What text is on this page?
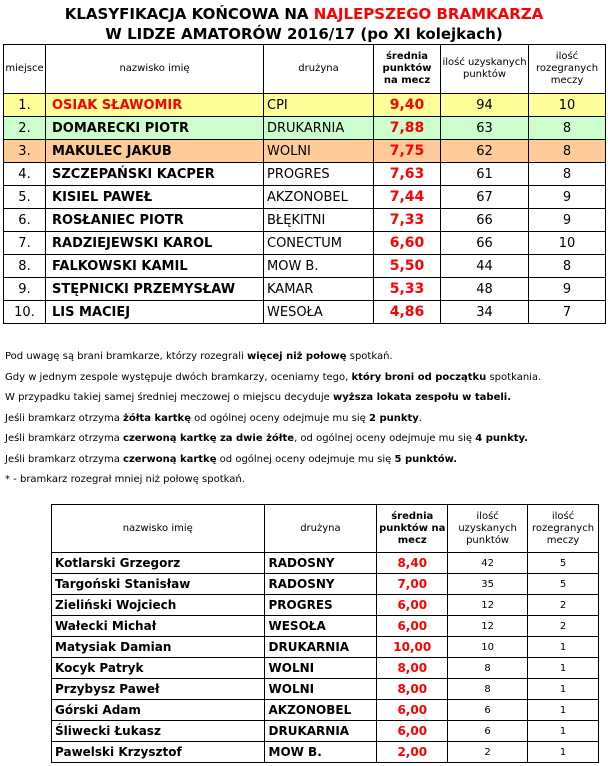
KLASYFIKACJA KOŃCOWA NA NAJLEPSZEGO BRAMKARZA
W LIDZE AMATORÓW 2016/17 (po XI kolejkach)
miejsce	nazwisko imię	drużyna	średnia punktów na mecz	ilość uzyskanych punktów	ilość rozegranych meczy
1.	OSIAK SŁAWOMIR	CPI	9,40	94	10
2.	DOMARECKI PIOTR	DRUKARNIA	7,88	63	8
3.	MAKULEC JAKUB	WOLNI	7,75	62	8
4.	SZCZEPAŃSKI KACPER	PROGRES	7,63	61	8
5.	KISIEL PAWEŁ	AKZONOBEL	7,44	67	9
6.	ROSŁANIEC PIOTR	BŁĘKITNI	7,33	66	9
7.	RADZIEJEWSKI KAROL	CONECTUM	6,60	66	10
8.	FALKOWSKI KAMIL	MOW B.	5,50	44	8
9.	STĘPNICKI PRZEMYSŁAW	KAMAR	5,33	48	9
10.	LIS MACIEJ	WESOŁA	4,86	34	7

Pod uwagę są brani bramkarze, którzy rozegrali więcej niż połowę spotkań.

Gdy w jednym zespole występuje dwóch bramkarzy, oceniamy tego, który broni od początku spotkania.

W przypadku takiej samej średniej meczowej o miejscu decyduje wyższa lokata zespołu w tabeli.

Jeśli bramkarz otrzyma żółta kartkę od ogólnej oceny odejmuje mu się 2 punkty.

Jeśli bramkarz otrzyma czerwoną kartkę za dwie żółte, od ogólnej oceny odejmuje mu się 4 punkty.

Jeśli bramkarz otrzyma czerwoną kartkę od ogólnej oceny odejmuje mu się 5 punktów.

* - bramkarz rozegrał mniej niż połowę spotkań.

nazwisko imię	drużyna	średnia punktów na mecz	ilość uzyskanych punktów	ilość rozegranych meczy
Kotlarski Grzegorz	RADOSNY	8,40	42	5
Targoński Stanisław	RADOSNY	7,00	35	5
Zieliński Wojciech	PROGRES	6,00	12	2
Wałecki Michał	WESOŁA	6,00	12	2
Matysiak Damian	DRUKARNIA	10,00	10	1
Kocyk Patryk	WOLNI	8,00	8	1
Przybysz Paweł	WOLNI	8,00	8	1
Górski Adam	AKZONOBEL	6,00	6	1
Śliwecki Łukasz	DRUKARNIA	6,00	6	1
Pawelski Krzysztof	MOW B.	2,00	2	1
